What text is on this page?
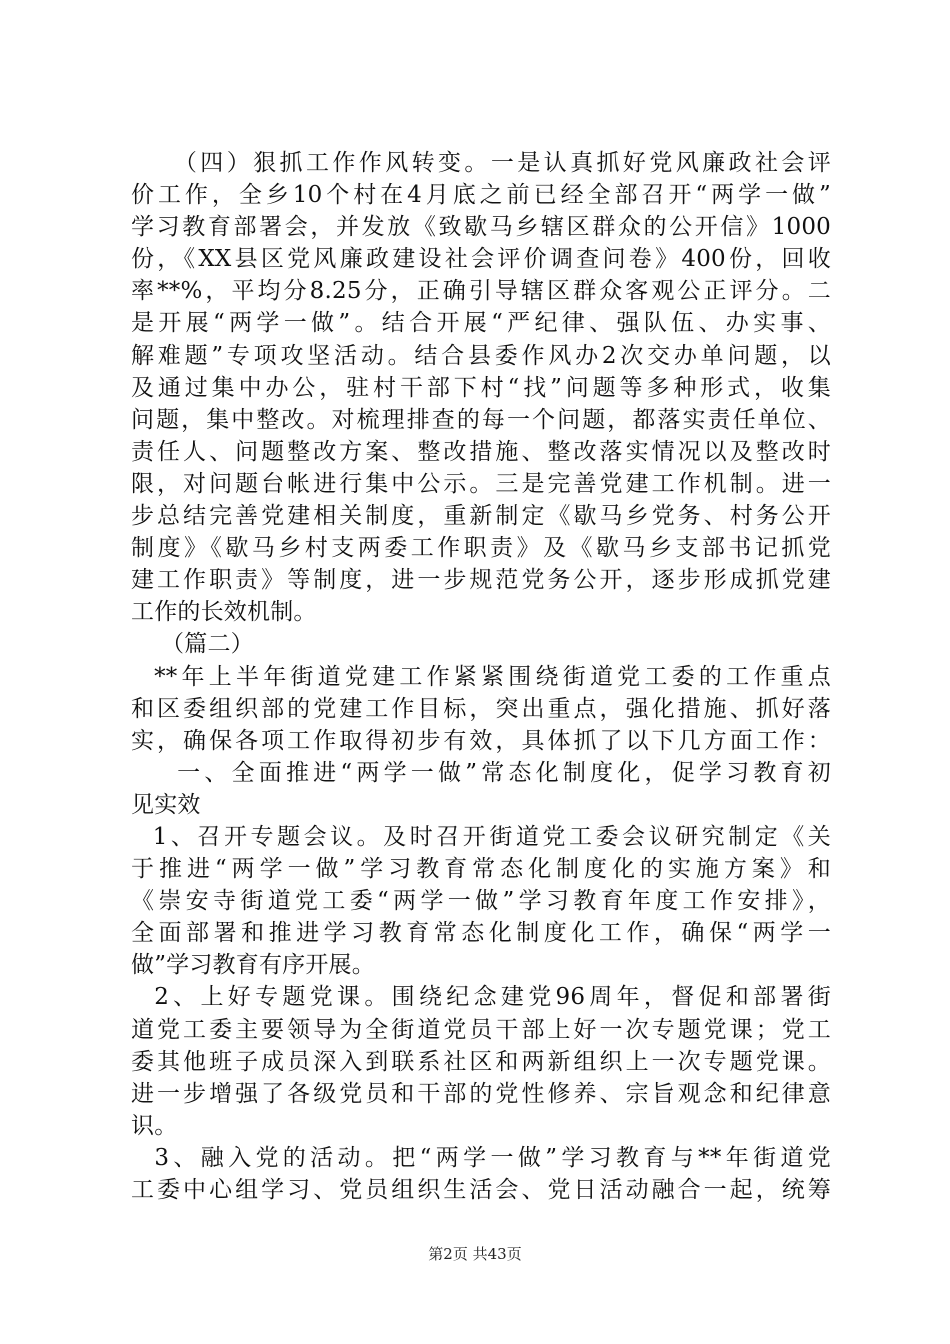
（四）狠抓工作作风转变。一是认真抓好党风廉政社会评
价工作，全乡10个村在4月底之前已经全部召开“两学一做”
学习教育部署会，并发放《致歇马乡辖区群众的公开信》1000
份，《XX县区党风廉政建设社会评价调查问卷》400份，回收
率**%，平均分8.25分，正确引导辖区群众客观公正评分。二
是开展“两学一做”。结合开展“严纪律、强队伍、办实事、
解难题”专项攻坚活动。结合县委作风办2次交办单问题，以
及通过集中办公，驻村干部下村“找”问题等多种形式，收集
问题，集中整改。对梳理排查的每一个问题，都落实责任单位、
责任人、问题整改方案、整改措施、整改落实情况以及整改时
限，对问题台帐进行集中公示。三是完善党建工作机制。进一
步总结完善党建相关制度，重新制定《歇马乡党务、村务公开
制度》《歇马乡村支两委工作职责》及《歇马乡支部书记抓党
建工作职责》等制度，进一步规范党务公开，逐步形成抓党建
工作的长效机制。
（篇二）
**年上半年街道党建工作紧紧围绕街道党工委的工作重点
和区委组织部的党建工作目标，突出重点，强化措施、抓好落
实，确保各项工作取得初步有效，具体抓了以下几方面工作：
一、全面推进“两学一做”常态化制度化，促学习教育初
见实效
1、召开专题会议。及时召开街道党工委会议研究制定《关
于推进“两学一做”学习教育常态化制度化的实施方案》和
《崇安寺街道党工委“两学一做”学习教育年度工作安排》，
全面部署和推进学习教育常态化制度化工作，确保“两学一
做”学习教育有序开展。
2、上好专题党课。围绕纪念建党96周年，督促和部署街
道党工委主要领导为全街道党员干部上好一次专题党课；党工
委其他班子成员深入到联系社区和两新组织上一次专题党课。
进一步增强了各级党员和干部的党性修养、宗旨观念和纪律意
识。
3、融入党的活动。把“两学一做”学习教育与**年街道党
工委中心组学习、党员组织生活会、党日活动融合一起，统筹
第2页 共43页
